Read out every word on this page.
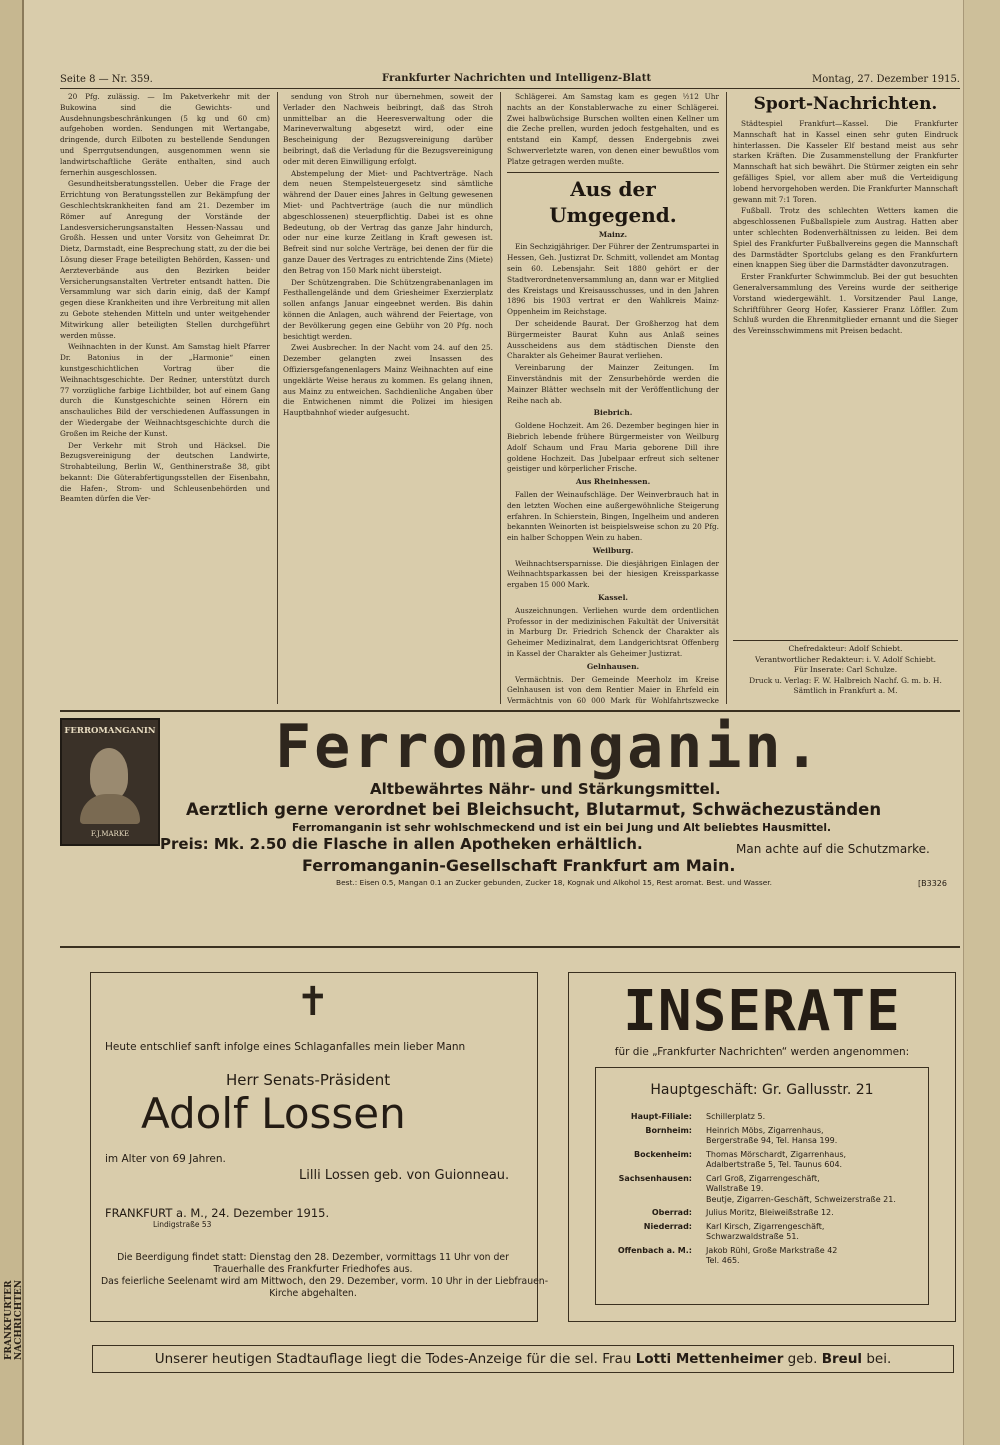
FRANKFURTER NACHRICHTEN
Seite 8 — Nr. 359.	Frankfurter Nachrichten und Intelligenz-Blatt	Montag, 27. Dezember 1915.

20 Pfg. zulässig. — Im Paketverkehr mit der Bukowina sind die Gewichts- und Ausdehnungsbeschränkungen (5 kg und 60 cm) aufgehoben worden. Sendungen mit Wertangabe, dringende, durch Eilboten zu bestellende Sendungen und Sperrgutsendungen, ausgenommen wenn sie landwirtschaftliche Geräte enthalten, sind auch fernerhin ausgeschlossen.

Gesundheitsberatungsstellen. Ueber die Frage der Errichtung von Beratungsstellen zur Bekämpfung der Geschlechtskrankheiten fand am 21. Dezember im Römer auf Anregung der Vorstände der Landesversicherungsanstalten Hessen-Nassau und Großh. Hessen und unter Vorsitz von Geheimrat Dr. Dietz, Darmstadt, eine Besprechung statt, zu der die bei Lösung dieser Frage beteiligten Behörden, Kassen- und Aerzteverbände aus den Bezirken beider Versicherungsanstalten Vertreter entsandt hatten. Die Versammlung war sich darin einig, daß der Kampf gegen diese Krankheiten und ihre Verbreitung mit allen zu Gebote stehenden Mitteln und unter weitgehender Mitwirkung aller beteiligten Stellen durchgeführt werden müsse.

Weihnachten in der Kunst. Am Samstag hielt Pfarrer Dr. Batonius in der „Harmonie“ einen kunstgeschichtlichen Vortrag über die Weihnachtsgeschichte. Der Redner, unterstützt durch 77 vorzügliche farbige Lichtbilder, bot auf einem Gang durch die Kunstgeschichte seinen Hörern ein anschauliches Bild der verschiedenen Auffassungen in der Wiedergabe der Weihnachtsgeschichte durch die Großen im Reiche der Kunst.

Der Verkehr mit Stroh und Häcksel. Die Bezugsvereinigung der deutschen Landwirte, Strohabteilung, Berlin W., Genthinerstraße 38, gibt bekannt: Die Güterabfertigungsstellen der Eisenbahn, die Hafen-, Strom- und Schleusenbehörden und Beamten dürfen die Ver-

sendung von Stroh nur übernehmen, soweit der Verlader den Nachweis beibringt, daß das Stroh unmittelbar an die Heeresverwaltung oder die Marineverwaltung abgesetzt wird, oder eine Bescheinigung der Bezugsvereinigung darüber beibringt, daß die Verladung für die Bezugsvereinigung oder mit deren Einwilligung erfolgt.

Abstempelung der Miet- und Pachtverträge. Nach dem neuen Stempelsteuergesetz sind sämtliche während der Dauer eines Jahres in Geltung gewesenen Miet- und Pachtverträge (auch die nur mündlich abgeschlossenen) steuerpflichtig. Dabei ist es ohne Bedeutung, ob der Vertrag das ganze Jahr hindurch, oder nur eine kurze Zeitlang in Kraft gewesen ist. Befreit sind nur solche Verträge, bei denen der für die ganze Dauer des Vertrages zu entrichtende Zins (Miete) den Betrag von 150 Mark nicht übersteigt.

Der Schützengraben. Die Schützengrabenanlagen im Festhallengelände und dem Griesheimer Exerzierplatz sollen anfangs Januar eingeebnet werden. Bis dahin können die Anlagen, auch während der Feiertage, von der Bevölkerung gegen eine Gebühr von 20 Pfg. noch besichtigt werden.

Zwei Ausbrecher. In der Nacht vom 24. auf den 25. Dezember gelangten zwei Insassen des Offiziersgefangenenlagers Mainz Weihnachten auf eine ungeklärte Weise heraus zu kommen. Es gelang ihnen, aus Mainz zu entweichen. Sachdienliche Angaben über die Entwichenen nimmt die Polizei im hiesigen Hauptbahnhof wieder aufgesucht.

Schlägerei. Am Samstag kam es gegen ½12 Uhr nachts an der Konstablerwache zu einer Schlägerei. Zwei halbwüchsige Burschen wollten einen Kellner um die Zeche prellen, wurden jedoch festgehalten, und es entstand ein Kampf, dessen Endergebnis zwei Schwerverletzte waren, von denen einer bewußtlos vom Platze getragen werden mußte.

Aus der Umgegend.
Mainz.

Ein Sechzigjähriger. Der Führer der Zentrumspartei in Hessen, Geh. Justizrat Dr. Schmitt, vollendet am Montag sein 60. Lebensjahr. Seit 1880 gehört er der Stadtverordnetenversammlung an, dann war er Mitglied des Kreistags und Kreisausschusses, und in den Jahren 1896 bis 1903 vertrat er den Wahlkreis Mainz-Oppenheim im Reichstage.

Der scheidende Baurat. Der Großherzog hat dem Bürgermeister Baurat Kuhn aus Anlaß seines Ausscheidens aus dem städtischen Dienste den Charakter als Geheimer Baurat verliehen.

Vereinbarung der Mainzer Zeitungen. Im Einverständnis mit der Zensurbehörde werden die Mainzer Blätter wechseln mit der Veröffentlichung der Reihe nach ab.

Biebrich.

Goldene Hochzeit. Am 26. Dezember begingen hier in Biebrich lebende frühere Bürgermeister von Weilburg Adolf Schaum und Frau Maria geborene Dill ihre goldene Hochzeit. Das Jubelpaar erfreut sich seltener geistiger und körperlicher Frische.

Aus Rheinhessen.

Fallen der Weinaufschläge. Der Weinverbrauch hat in den letzten Wochen eine außergewöhnliche Steigerung erfahren. In Schierstein, Bingen, Ingelheim und anderen bekannten Weinorten ist beispielsweise schon zu 20 Pfg. ein halber Schoppen Wein zu haben.

Weilburg.

Weihnachtsersparnisse. Die diesjährigen Einlagen der Weihnachtsparkassen bei der hiesigen Kreissparkasse ergaben 15 000 Mark.

Kassel.

Auszeichnungen. Verliehen wurde dem ordentlichen Professor in der medizinischen Fakultät der Universität in Marburg Dr. Friedrich Schenck der Charakter als Geheimer Medizinalrat, dem Landgerichtsrat Offenberg in Kassel der Charakter als Geheimer Justizrat.

Gelnhausen.

Vermächtnis. Der Gemeinde Meerholz im Kreise Gelnhausen ist von dem Rentier Maier in Ehrfeld ein Vermächtnis von 60 000 Mark für Wohlfahrtszwecke

Sport-Nachrichten.

Städtespiel Frankfurt—Kassel. Die Frankfurter Mannschaft hat in Kassel einen sehr guten Eindruck hinterlassen. Die Kasseler Elf bestand meist aus sehr starken Kräften. Die Zusammenstellung der Frankfurter Mannschaft hat sich bewährt. Die Stürmer zeigten ein sehr gefälliges Spiel, vor allem aber muß die Verteidigung lobend hervorgehoben werden. Die Frankfurter Mannschaft gewann mit 7:1 Toren.

Fußball. Trotz des schlechten Wetters kamen die abgeschlossenen Fußballspiele zum Austrag. Hatten aber unter schlechten Bodenverhältnissen zu leiden. Bei dem Spiel des Frankfurter Fußballvereins gegen die Mannschaft des Darmstädter Sportclubs gelang es den Frankfurtern einen knappen Sieg über die Darmstädter davonzutragen.

Erster Frankfurter Schwimmclub. Bei der gut besuchten Generalversammlung des Vereins wurde der seitherige Vorstand wiedergewählt. 1. Vorsitzender Paul Lange, Schriftführer Georg Hofer, Kassierer Franz Löffler. Zum Schluß wurden die Ehrenmitglieder ernannt und die Sieger des Vereinsschwimmens mit Preisen bedacht.

Chefredakteur: Adolf Schiebt.
Verantwortlicher Redakteur: i. V. Adolf Schiebt.
Für Inserate: Carl Schulze.
Druck u. Verlag: F. W. Halbreich Nachf. G. m. b. H.
Sämtlich in Frankfurt a. M.
FERROMANGANIN
F.J.MARKE
Ferromanganin.
Altbewährtes Nähr- und Stärkungsmittel.
Aerztlich gerne verordnet bei Bleichsucht, Blutarmut, Schwächezuständen
Ferromanganin ist sehr wohlschmeckend und ist ein bei Jung und Alt beliebtes Hausmittel.
Preis: Mk. 2.50 die Flasche in allen Apotheken erhältlich.	Man achte auf die Schutzmarke.
Ferromanganin-Gesellschaft Frankfurt am Main.
Best.: Eisen 0.5, Mangan 0.1 an Zucker gebunden, Zucker 18, Kognak und Alkohol 15, Rest aromat. Best. und Wasser.	[B3326
✝
Heute entschlief sanft infolge eines Schlaganfalles mein lieber Mann
Herr Senats-Präsident
Adolf Lossen
im Alter von 69 Jahren.
Lilli Lossen geb. von Guionneau.
FRANKFURT a. M., 24. Dezember 1915.
Lindigstraße 53
Die Beerdigung findet statt: Dienstag den 28. Dezember, vormittags 11 Uhr von der
Trauerhalle des Frankfurter Friedhofes aus.
Das feierliche Seelenamt wird am Mittwoch, den 29. Dezember, vorm. 10 Uhr in der Liebfrauen-
Kirche abgehalten.
INSERATE
für die „Frankfurter Nachrichten“ werden angenommen:
Hauptgeschäft: Gr. Gallusstr. 21
Haupt-Filiale: Schillerplatz 5.
Bornheim: Heinrich Möbs, Zigarrenhaus,
Bergerstraße 94, Tel. Hansa 199.
Bockenheim: Thomas Mörschardt, Zigarrenhaus,
Adalbertstraße 5, Tel. Taunus 604.
Sachsenhausen: Carl Groß, Zigarrengeschäft,
Wallstraße 19.
Beutje, Zigarren-Geschäft, Schweizerstraße 21.
Oberrad: Julius Moritz, Bleiweißstraße 12.
Niederrad: Karl Kirsch, Zigarrengeschäft,
Schwarzwaldstraße 51.
Offenbach a. M.: Jakob Rühl, Große Markstraße 42
Tel. 465.
Unserer heutigen Stadtauflage liegt die Todes-Anzeige für die sel. Frau Lotti Mettenheimer geb. Breul bei.
